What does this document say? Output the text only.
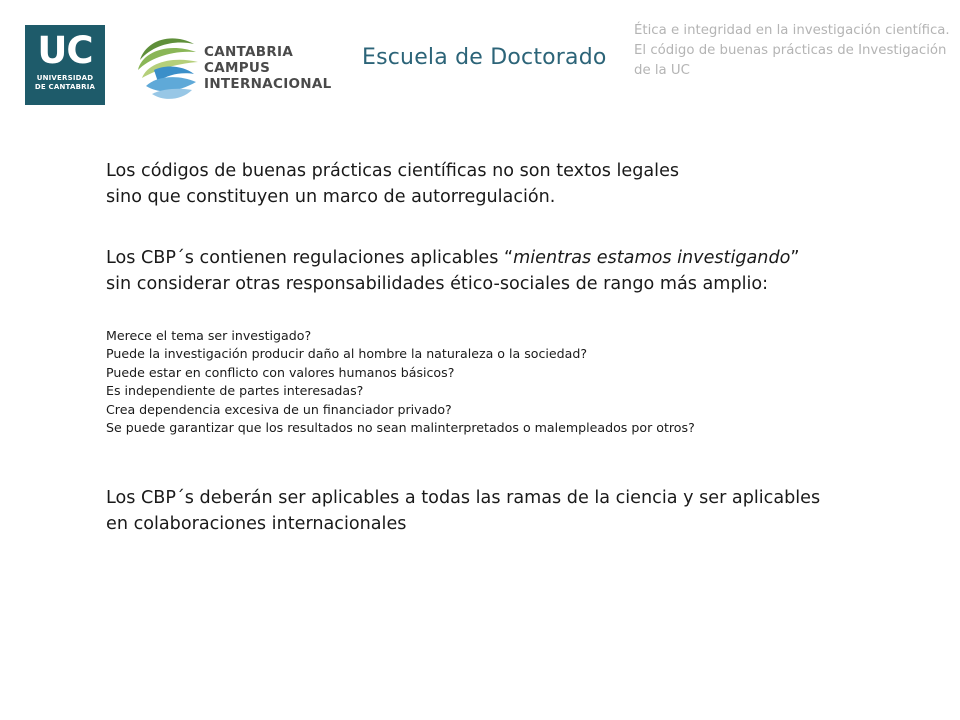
UC
UNIVERSIDAD
DE CANTABRIA
CANTABRIA
CAMPUS
INTERNACIONAL
Escuela de Doctorado
Ética e integridad en la investigación científica. El código de buenas prácticas de Investigación de la UC
Los códigos de buenas prácticas científicas no son textos legales
sino que constituyen un marco de autorregulación.
Los CBP´s contienen regulaciones aplicables “mientras estamos investigando”
sin considerar otras responsabilidades ético-sociales de rango más amplio:
Merece el tema ser investigado?
Puede la investigación producir daño al hombre la naturaleza o la sociedad?
Puede estar en conflicto con valores humanos básicos?
Es independiente de partes interesadas?
Crea dependencia excesiva de un financiador privado?
Se puede garantizar que los resultados no sean malinterpretados o malempleados por otros?
Los CBP´s deberán ser aplicables a todas las ramas de la ciencia y ser aplicables
en colaboraciones internacionales
